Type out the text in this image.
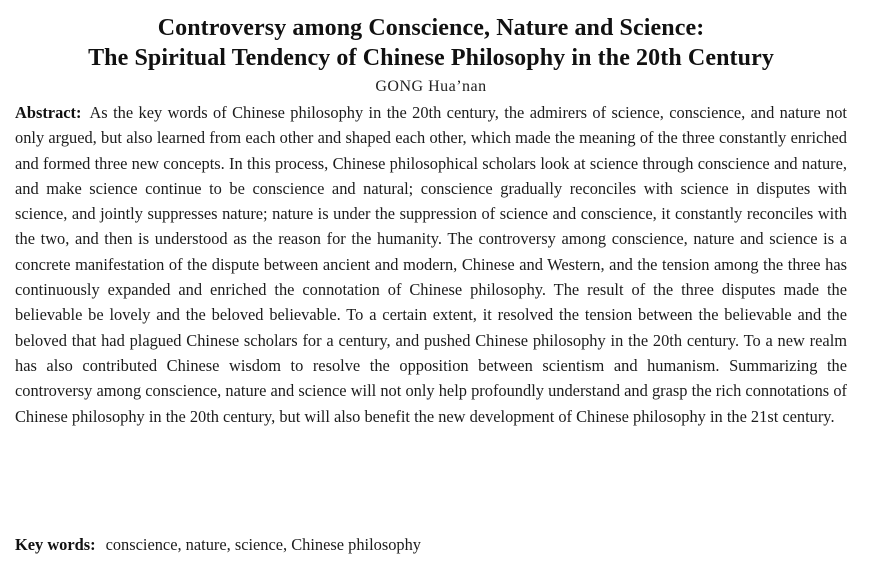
Controversy among Conscience, Nature and Science:
The Spiritual Tendency of Chinese Philosophy in the 20th Century
GONG Hua’nan
Abstract: As the key words of Chinese philosophy in the 20th century, the admirers of science, conscience, and nature not only argued, but also learned from each other and shaped each other, which made the meaning of the three constantly enriched and formed three new concepts. In this process, Chinese philosophical scholars look at science through conscience and nature, and make science continue to be conscience and natural; conscience gradually reconciles with science in disputes with science, and jointly suppresses nature; nature is under the suppression of science and conscience, it constantly reconciles with the two, and then is understood as the reason for the humanity. The controversy among conscience, nature and science is a concrete manifestation of the dispute between ancient and modern, Chinese and Western, and the tension among the three has continuously expanded and enriched the connotation of Chinese philosophy. The result of the three disputes made the believable be lovely and the beloved believable. To a certain extent, it resolved the tension between the believable and the beloved that had plagued Chinese scholars for a century, and pushed Chinese philosophy in the 20th century. To a new realm has also contributed Chinese wisdom to resolve the opposition between scientism and humanism. Summarizing the controversy among conscience, nature and science will not only help profoundly understand and grasp the rich connotations of Chinese philosophy in the 20th century, but will also benefit the new development of Chinese philosophy in the 21st century.
Key words: conscience, nature, science, Chinese philosophy
